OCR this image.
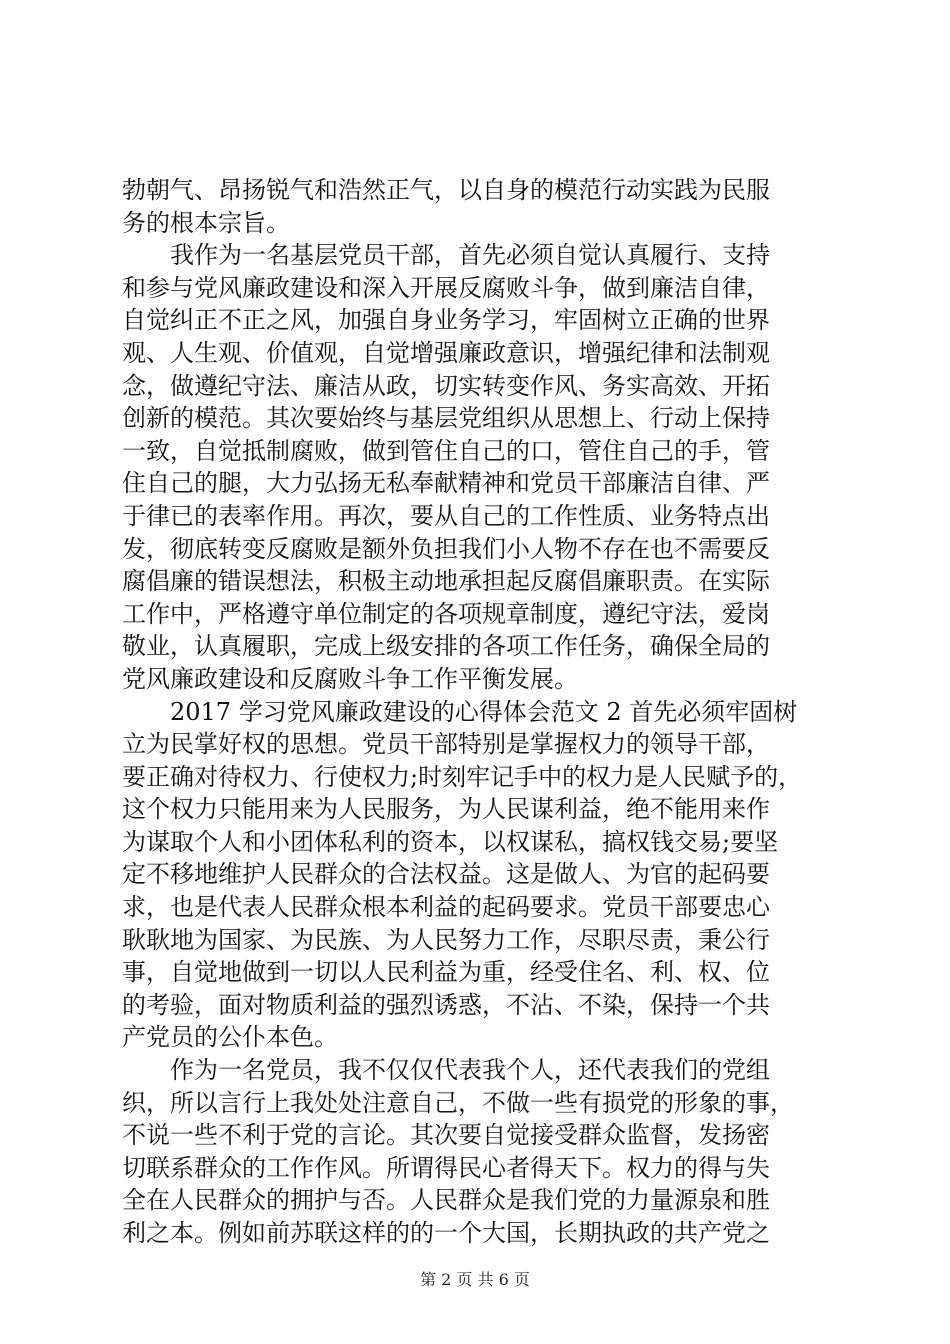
勃朝气、昂扬锐气和浩然正气，以自身的模范行动实践为民服
务的根本宗旨。
　　我作为一名基层党员干部，首先必须自觉认真履行、支持
和参与党风廉政建设和深入开展反腐败斗争，做到廉洁自律，
自觉纠正不正之风，加强自身业务学习，牢固树立正确的世界
观、人生观、价值观，自觉增强廉政意识，增强纪律和法制观
念，做遵纪守法、廉洁从政，切实转变作风、务实高效、开拓
创新的模范。其次要始终与基层党组织从思想上、行动上保持
一致，自觉抵制腐败，做到管住自己的口，管住自己的手，管
住自己的腿，大力弘扬无私奉献精神和党员干部廉洁自律、严
于律已的表率作用。再次，要从自己的工作性质、业务特点出
发，彻底转变反腐败是额外负担我们小人物不存在也不需要反
腐倡廉的错误想法，积极主动地承担起反腐倡廉职责。在实际
工作中，严格遵守单位制定的各项规章制度，遵纪守法，爱岗
敬业，认真履职，完成上级安排的各项工作任务，确保全局的
党风廉政建设和反腐败斗争工作平衡发展。
　　2017 学习党风廉政建设的心得体会范文 2 首先必须牢固树
立为民掌好权的思想。党员干部特别是掌握权力的领导干部，
要正确对待权力、行使权力;时刻牢记手中的权力是人民赋予的，
这个权力只能用来为人民服务，为人民谋利益，绝不能用来作
为谋取个人和小团体私利的资本，以权谋私，搞权钱交易;要坚
定不移地维护人民群众的合法权益。这是做人、为官的起码要
求，也是代表人民群众根本利益的起码要求。党员干部要忠心
耿耿地为国家、为民族、为人民努力工作，尽职尽责，秉公行
事，自觉地做到一切以人民利益为重，经受住名、利、权、位
的考验，面对物质利益的强烈诱惑，不沾、不染，保持一个共
产党员的公仆本色。
　　作为一名党员，我不仅仅代表我个人，还代表我们的党组
织，所以言行上我处处注意自己，不做一些有损党的形象的事，
不说一些不利于党的言论。其次要自觉接受群众监督，发扬密
切联系群众的工作作风。所谓得民心者得天下。权力的得与失
全在人民群众的拥护与否。人民群众是我们党的力量源泉和胜
利之本。例如前苏联这样的的一个大国，长期执政的共产党之
第 2 页 共 6 页
